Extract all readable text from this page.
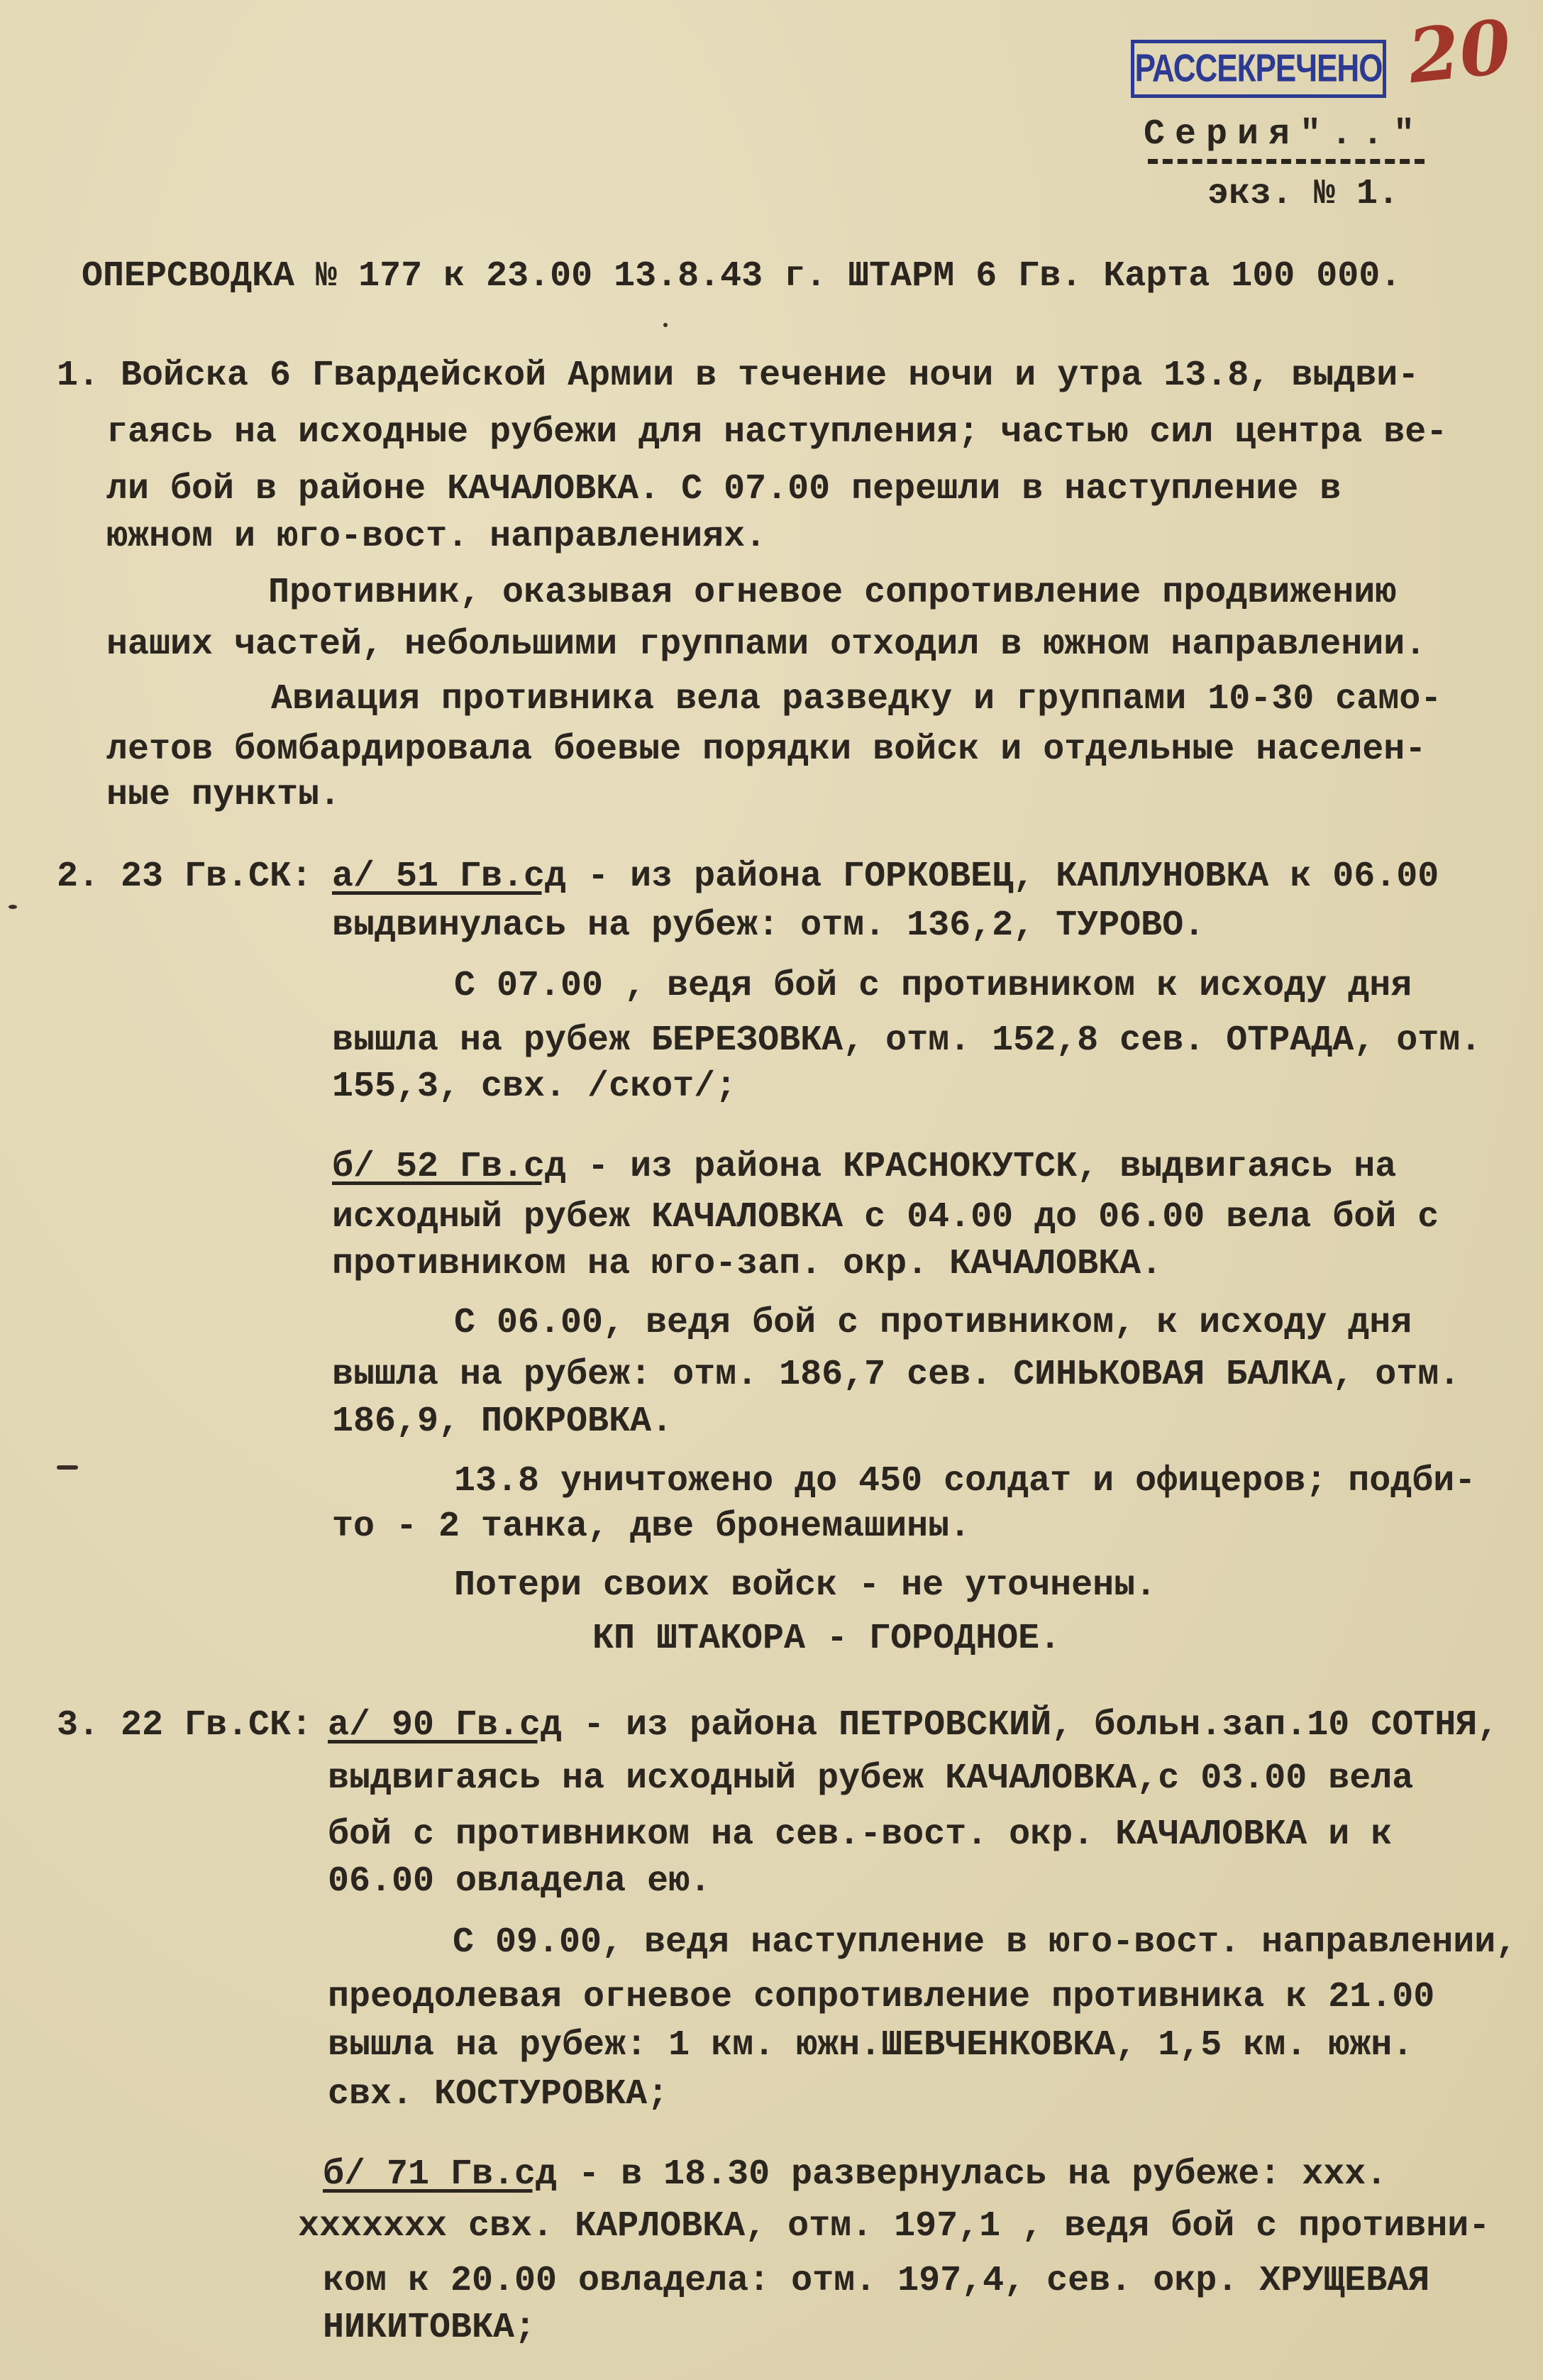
РАССЕКРЕЧЕНО 20
Серия".."
экз. № 1.
ОПЕРСВОДКА № 177 к 23.00 13.8.43 г. ШТАРМ 6 Гв. Карта 100 000.
1. Войска 6 Гвардейской Армии в течение ночи и утра 13.8, выдви-
гаясь на исходные рубежи для наступления; частью сил центра ве-
ли бой в районе КАЧАЛОВКА. С 07.00 перешли в наступление в
южном и юго-вост. направлениях.
Противник, оказывая огневое сопротивление продвижению
наших частей, небольшими группами отходил в южном направлении.
Авиация противника вела разведку и группами 10-30 само-
летов бомбардировала боевые порядки войск и отдельные населен-
ные пункты.
2. 23 Гв.СК: а/ 51 Гв.сд - из района ГОРКОВЕЦ, КАПЛУНОВКА к 06.00
выдвинулась на рубеж: отм. 136,2, ТУРОВО.
С 07.00 , ведя бой с противником к исходу дня
вышла на рубеж БЕРЕЗОВКА, отм. 152,8 сев. ОТРАДА, отм.
155,3, свх. /скот/;
б/ 52 Гв.сд - из района КРАСНОКУТСК, выдвигаясь на
исходный рубеж КАЧАЛОВКА с 04.00 до 06.00 вела бой с
противником на юго-зап. окр. КАЧАЛОВКА.
С 06.00, ведя бой с противником, к исходу дня
вышла на рубеж: отм. 186,7 сев. СИНЬКОВАЯ БАЛКА, отм.
186,9, ПОКРОВКА.
13.8 уничтожено до 450 солдат и офицеров; подби-
то - 2 танка, две бронемашины.
Потери своих войск - не уточнены.
КП ШТАКОРА - ГОРОДНОЕ.
3. 22 Гв.СК: а/ 90 Гв.сд - из района ПЕТРОВСКИЙ, больн.зап.10 СОТНЯ,
выдвигаясь на исходный рубеж КАЧАЛОВКА,с 03.00 вела
бой с противником на сев.-вост. окр. КАЧАЛОВКА и к
06.00 овладела ею.
С 09.00, ведя наступление в юго-вост. направлении,
преодолевая огневое сопротивление противника к 21.00
вышла на рубеж: 1 км. южн.ШЕВЧЕНКОВКА, 1,5 км. южн.
свх. КОСТУРОВКА;
б/ 71 Гв.сд - в 18.30 развернулась на рубеже: xxx.
xxxxxxx свх. КАРЛОВКА, отм. 197,1 , ведя бой с противни-
ком к 20.00 овладела: отм. 197,4, сев. окр. ХРУЩЕВАЯ
НИКИТОВКА;
